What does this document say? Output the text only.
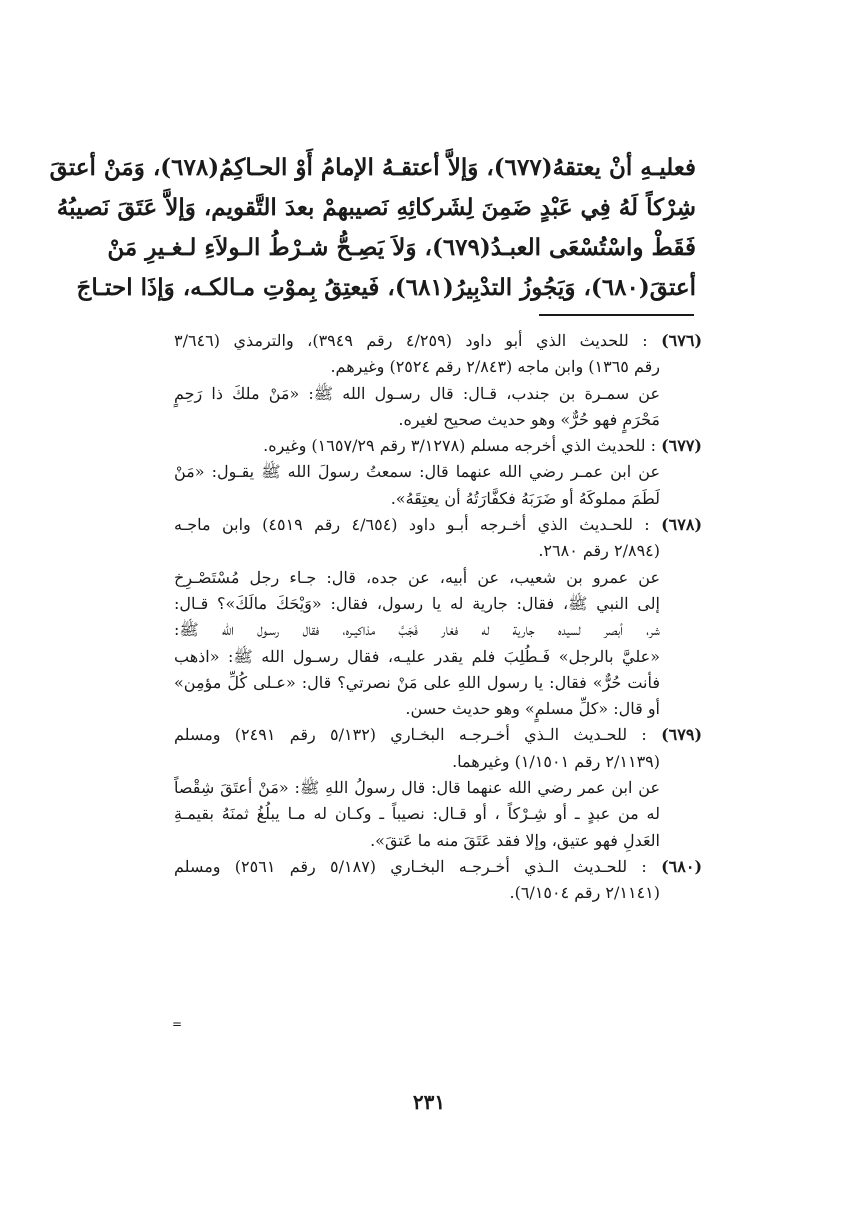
فعليـهِ أنْ يعتقهُ(٦٧٧)، وَإلاَّ أعتقـهُ الإمامُ أَوْ الحـاكِمُ(٦٧٨)، وَمَنْ أعتقَ
شِرْكاً لَهُ فِي عَبْدٍ ضَمِنَ لِشَركائِهِ نَصيبهمْ بعدَ التَّقويم، وَإلاَّ عَتَقَ نَصيبُهُ
فَقَطْ واسْتُسْعَى العبـدُ(٦٧٩)، وَلاَ يَصِـحُّ شـرْطُ الـولاَءِ لـغـيرِ مَنْ
أعتقَ(٦٨٠)، وَيَجُوزُ التدْبِيرُ(٦٨١)، فَيعتِقُ بِموْتِ مـالكـه، وَإذَا احتـاجَ
(٦٧٦) : للحديث الذي أبو داود (٤/٢٥٩ رقم ٣٩٤٩)، والترمذي (٣/٦٤٦
رقم ١٣٦٥) وابن ماجه (٢/٨٤٣ رقم ٢٥٢٤) وغيرهم.
عن سمـرة بن جندب، قـال: قال رسـول الله ﷺ: «مَنْ ملكَ ذا رَحِمٍ
مَحْرَمٍ فهو حُرٌّ» وهو حديث صحيح لغيره.
(٦٧٧) : للحديث الذي أخرجه مسلم (٣/١٢٧٨ رقم ١٦٥٧/٢٩) وغيره.
عن ابن عمـر رضي الله عنهما قال: سمعتُ رسولَ الله ﷺ يقـول: «مَنْ
لَطَمَ مملوكَهُ أو ضَرَبَهُ فكفَّارَتُهُ أن يعتِقَهُ».
(٦٧٨) : للحـديث الذي أخـرجه أبـو داود (٤/٦٥٤ رقم ٤٥١٩) وابن ماجـه
(٢/٨٩٤ رقم ٢٦٨٠.
عن عمرو بن شعيب، عن أبيه، عن جده، قال: جـاء رجل مُسْتَصْـرِخ
إلى النبي ﷺ، فقال: جارية له يا رسول، فقال: «وَيْحَكَ مالَكَ»؟ قـال:
شر، أبصر لسيده جارية له فغار فَجَبَّ مذاكيـره، فقال رسـول الله ﷺ:
«عليَّ بالرجل» فَـطُلِبَ فلم يقدر عليـه، فقال رسـول الله ﷺ: «اذهب
فأنت حُرٌّ» فقال: يا رسول اللهِ على مَنْ نصرتي؟ قال: «عـلى كُلِّ مؤمِن»
أو قال: «كلِّ مسلمٍ» وهو حديث حسن.
(٦٧٩) : للحـديث الـذي أخـرجـه البخـاري (٥/١٣٢ رقم ٢٤٩١) ومسلم
(٢/١١٣٩ رقم ١/١٥٠١) وغيرهما.
عن ابن عمر رضي الله عنهما قال: قال رسولُ اللهِ ﷺ: «مَنْ أعتَقَ شِقْصاً
له من عبدٍ ـ أو شِـرْكاً ، أو قـال: نصيباً ـ وكـان له مـا يبلُغُ ثمنَهُ بقيمـةِ
العَدلِ فهو عتيق، وإلا فقد عَتَقَ منه ما عَتقَ».
(٦٨٠) : للحـديث الـذي أخـرجـه البخـاري (٥/١٨٧ رقم ٢٥٦١) ومسلم
(٢/١١٤١ رقم ٦/١٥٠٤).
=
٢٣١
